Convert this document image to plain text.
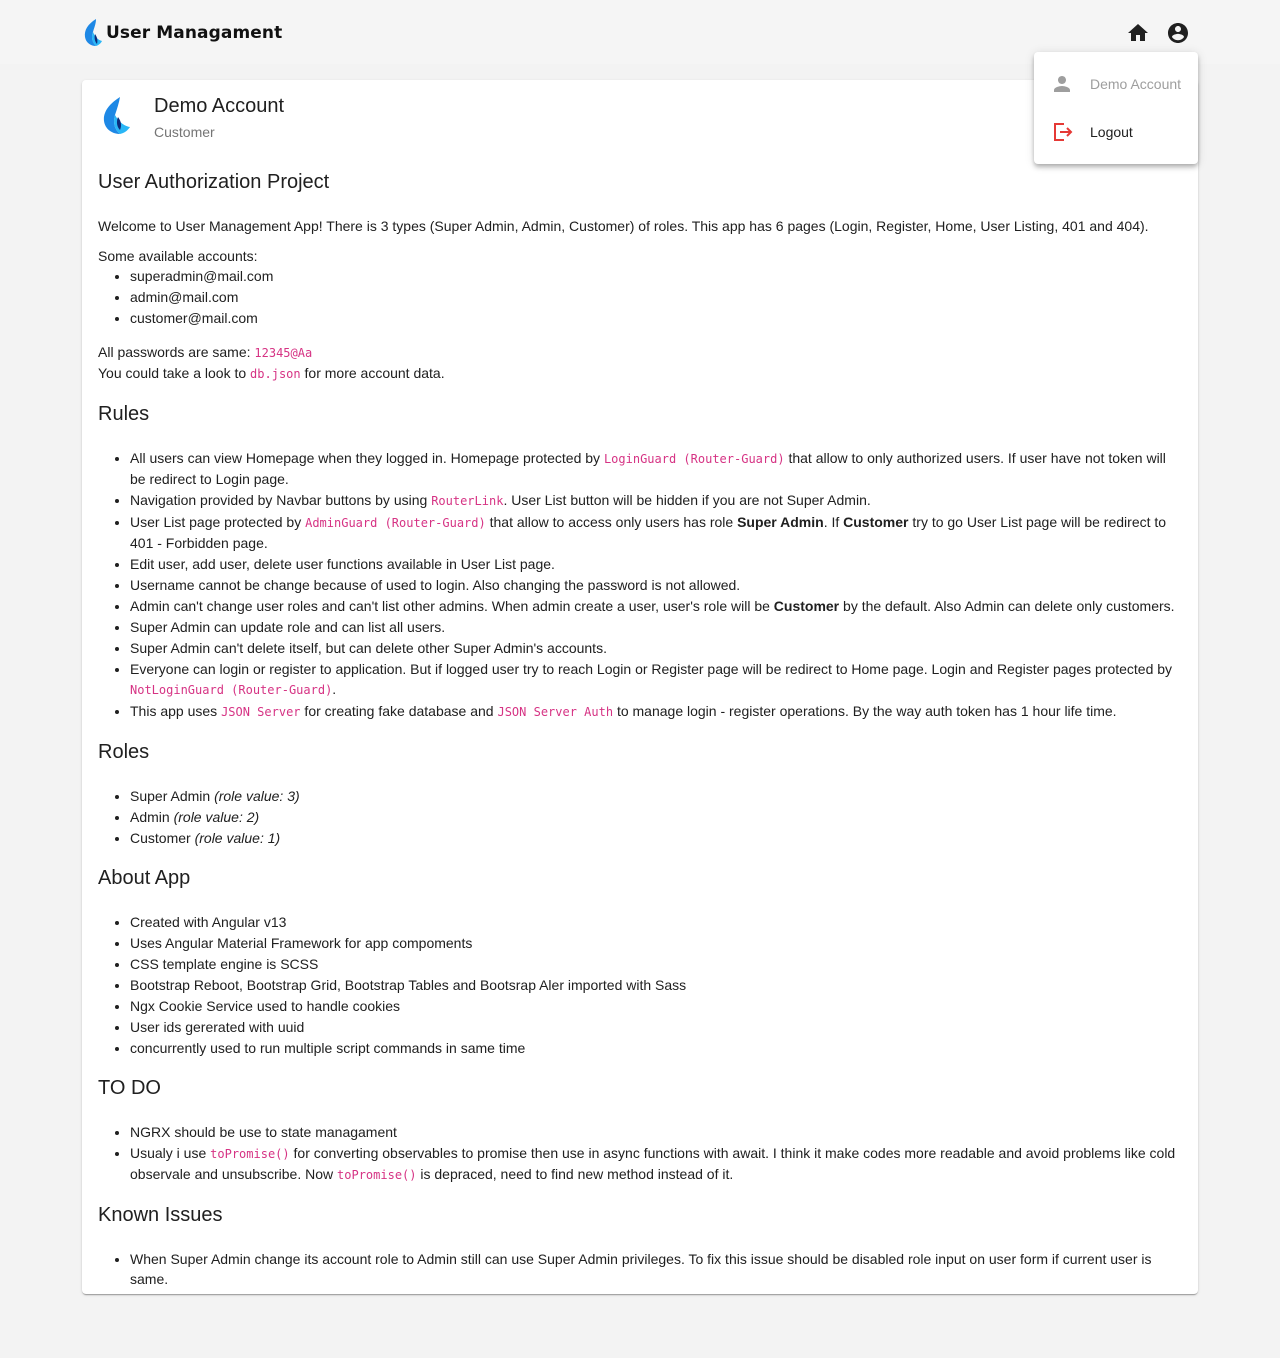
User Managament
Demo Account
Customer
User Authorization Project

Welcome to User Management App! There is 3 types (Super Admin, Admin, Customer) of roles. This app has 6 pages (Login, Register, Home, User Listing, 401 and 404).

Some available accounts:

• superadmin@mail.com
• admin@mail.com
• customer@mail.com

All passwords are same: 12345@Aa

You could take a look to db.json for more account data.

Rules
• All users can view Homepage when they logged in. Homepage protected by LoginGuard (Router-Guard) that allow to only authorized users. If user have not token will be redirect to Login page.
• Navigation provided by Navbar buttons by using RouterLink. User List button will be hidden if you are not Super Admin.
• User List page protected by AdminGuard (Router-Guard) that allow to access only users has role Super Admin. If Customer try to go User List page will be redirect to 401 - Forbidden page.
• Edit user, add user, delete user functions available in User List page.
• Username cannot be change because of used to login. Also changing the password is not allowed.
• Admin can't change user roles and can't list other admins. When admin create a user, user's role will be Customer by the default. Also Admin can delete only customers.
• Super Admin can update role and can list all users.
• Super Admin can't delete itself, but can delete other Super Admin's accounts.
• Everyone can login or register to application. But if logged user try to reach Login or Register page will be redirect to Home page. Login and Register pages protected by NotLoginGuard (Router-Guard).
• This app uses JSON Server for creating fake database and JSON Server Auth to manage login - register operations. By the way auth token has 1 hour life time.
Roles
• Super Admin (role value: 3)
• Admin (role value: 2)
• Customer (role value: 1)
About App
• Created with Angular v13
• Uses Angular Material Framework for app compoments
• CSS template engine is SCSS
• Bootstrap Reboot, Bootstrap Grid, Bootstrap Tables and Bootsrap Aler imported with Sass
• Ngx Cookie Service used to handle cookies
• User ids gererated with uuid
• concurrently used to run multiple script commands in same time
TO DO
• NGRX should be use to state managament
• Usualy i use toPromise() for converting observables to promise then use in async functions with await. I think it make codes more readable and avoid problems like cold observale and unsubscribe. Now toPromise() is depraced, need to find new method instead of it.
Known Issues
• When Super Admin change its account role to Admin still can use Super Admin privileges. To fix this issue should be disabled role input on user form if current user is same.
Demo Account
Logout
